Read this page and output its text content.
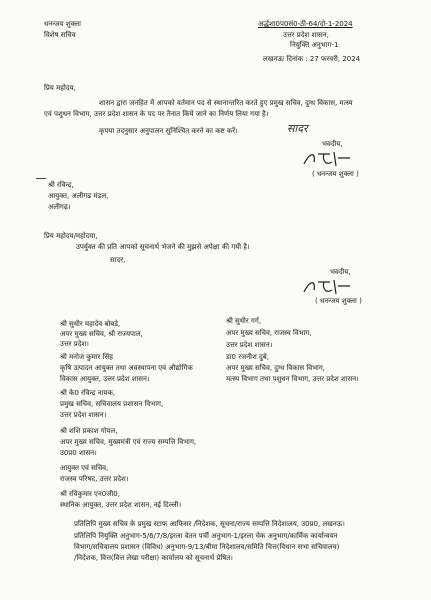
धनन्जय शुक्ला
विशेष सचिव
अर्द्धशा0प0सं0-ठी-64/दो-1-2024
उत्तर प्रदेश शासन,
नियुक्ति अनुभाग-1
लखनऊः दिनांक : 27 फरवरी, 2024
प्रिय महोदय,
शासन द्वारा जनहित में आपको वर्तमान पद से स्थानान्तरित करते हुए प्रमुख सचिव, दुग्ध विकास, मत्स्य
एवं पशुधन विभाग, उत्तर प्रदेश शासन के पद पर तैनात किये जाने का निर्णय लिया गया है।
कृपया तदनुसार अनुपालन सुनिश्चित करने का कष्ट करें।	सादर
भवदीय,
( धनन्जय शुक्ला )
श्री रविन्द्र,
आयुक्त, अलीगढ मंडल,
अलीगढ़।
प्रिय महोदय/महोदया,
उपर्युक्त की प्रति आपको सूचनार्थ भेजने की मुझसे अपेक्षा की गयी है।
सादर,
भवदीय,
( धनन्जय शुक्ला )
श्री सुधीर महादेव बोबडे,
अपर मुख्य सचिव, श्री राज्यपाल,
उत्तर प्रदेश।
श्री मनोज कुमार सिंह
कृषि उत्पादन आयुक्त तथा अवस्थापना एवं औद्योगिक
विकास आयुक्त, उत्तर प्रदेश शासन।
श्री के0 रविन्द्र नायक,
प्रमुख सचिव, सचिवालय प्रशासन विभाग,
उत्तर प्रदेश शासन।
श्री शशि प्रकाश गोयल,
अपर मुख्य सचिव, मुख्यमंत्री एवं राज्य सम्पत्ति विभाग,
उ0प्र0 शासन।
आयुक्त एवं सचिव,
राजस्व परिषद, उत्तर प्रदेश।
श्री रविकुमार एन0जी0,
स्थानिक आयुक्त, उत्तर प्रदेश शासन, नई दिल्ली।
श्री सुधीर गर्ग,
अपर मुख्य सचिव, राजस्व विभाग,
उत्तर प्रदेश शासन।
डा0 रजनीश दुबे,
अपर मुख्य सचिव, दुग्ध विकास विभाग,
मत्स्य विभाग तथा पशुधन विभाग, उत्तर प्रदेश शासन।
प्रतिलिपि मुख्य सचिव के प्रमुख स्टाफ आफिसर /निदेशक, सूचना/राज्य सम्पत्ति निदेशालय, उ0प्र0, लखनऊ।
प्रतिलिपि नियुक्ति अनुभाग-5/6/7/8/इरला वेतन पर्ची अनुभाग-1/इरला चेक अनुभाग/कार्मिक कार्यान्वयन
विभाग/सचिवालय प्रशासन (विविध) अनुभाग-9/13/बीमा निदेशालय/समिति चित्त(विधान सभा सचिवालय)
/निदेशक, वित्त(वित्त लेखा परीक्षा) कार्यालय को सूचनार्थ प्रेषित।
